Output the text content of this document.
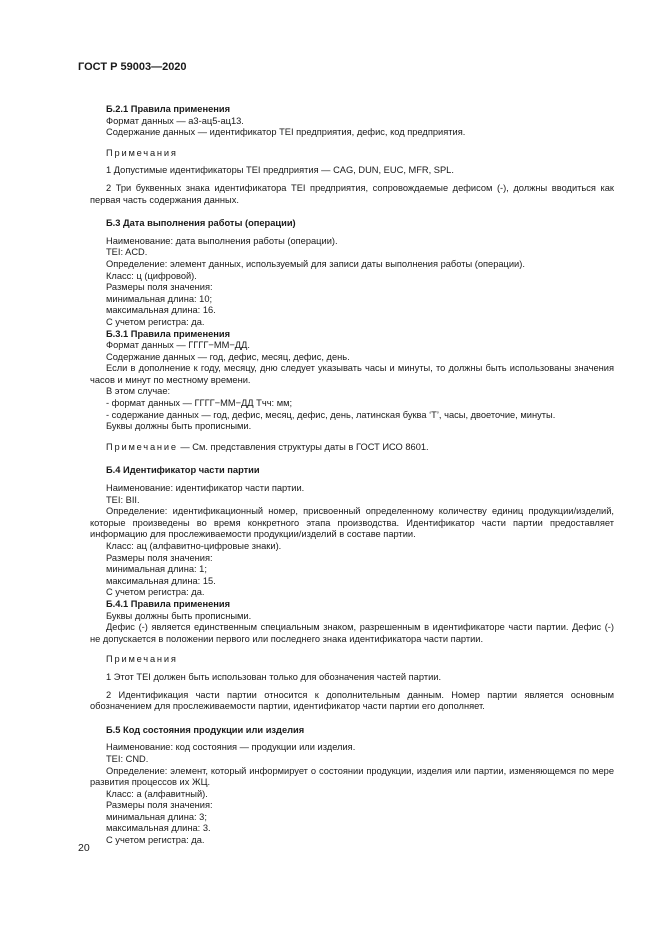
ГОСТ Р 59003—2020

Б.2.1 Правила применения

Формат данных — а3-ац5-ац13.

Содержание данных — идентификатор TEI предприятия, дефис, код предприятия.

Примечания

1 Допустимые идентификаторы TEI предприятия — CAG, DUN, EUC, MFR, SPL.

2 Три буквенных знака идентификатора TEI предприятия, сопровождаемые дефисом (-), должны вводиться как первая часть содержания данных.

Б.3 Дата выполнения работы (операции)

Наименование: дата выполнения работы (операции).

TEI: ACD.

Определение: элемент данных, используемый для записи даты выполнения работы (операции).

Класс: ц (цифровой).

Размеры поля значения:

минимальная длина: 10;

максимальная длина: 16.

С учетом регистра: да.

Б.3.1 Правила применения

Формат данных — ГГГГ−ММ−ДД.

Содержание данных — год, дефис, месяц, дефис, день.

Если в дополнение к году, месяцу, дню следует указывать часы и минуты, то должны быть использованы значения часов и минут по местному времени.

В этом случае:

- формат данных — ГГГГ−ММ−ДД Тчч: мм;

- содержание данных — год, дефис, месяц, дефис, день, латинская буква ‘T’, часы, двоеточие, минуты.

Буквы должны быть прописными.

Примечание — См. представления структуры даты в ГОСТ ИСО 8601.

Б.4 Идентификатор части партии

Наименование: идентификатор части партии.

TEI: BII.

Определение: идентификационный номер, присвоенный определенному количеству единиц продукции/изделий, которые произведены во время конкретного этапа производства. Идентификатор части партии предоставляет информацию для прослеживаемости продукции/изделий в составе партии.

Класс: ац (алфавитно-цифровые знаки).

Размеры поля значения:

минимальная длина: 1;

максимальная длина: 15.

С учетом регистра: да.

Б.4.1 Правила применения

Буквы должны быть прописными.

Дефис (-) является единственным специальным знаком, разрешенным в идентификаторе части партии. Дефис (-) не допускается в положении первого или последнего знака идентификатора части партии.

Примечания

1 Этот TEI должен быть использован только для обозначения частей партии.

2 Идентификация части партии относится к дополнительным данным. Номер партии является основным обозначением для прослеживаемости партии, идентификатор части партии его дополняет.

Б.5 Код состояния продукции или изделия

Наименование: код состояния — продукции или изделия.

TEI: CND.

Определение: элемент, который информирует о состоянии продукции, изделия или партии, изменяющемся по мере развития процессов их ЖЦ.

Класс: а (алфавитный).

Размеры поля значения:

минимальная длина: 3;

максимальная длина: 3.

С учетом регистра: да.

20
